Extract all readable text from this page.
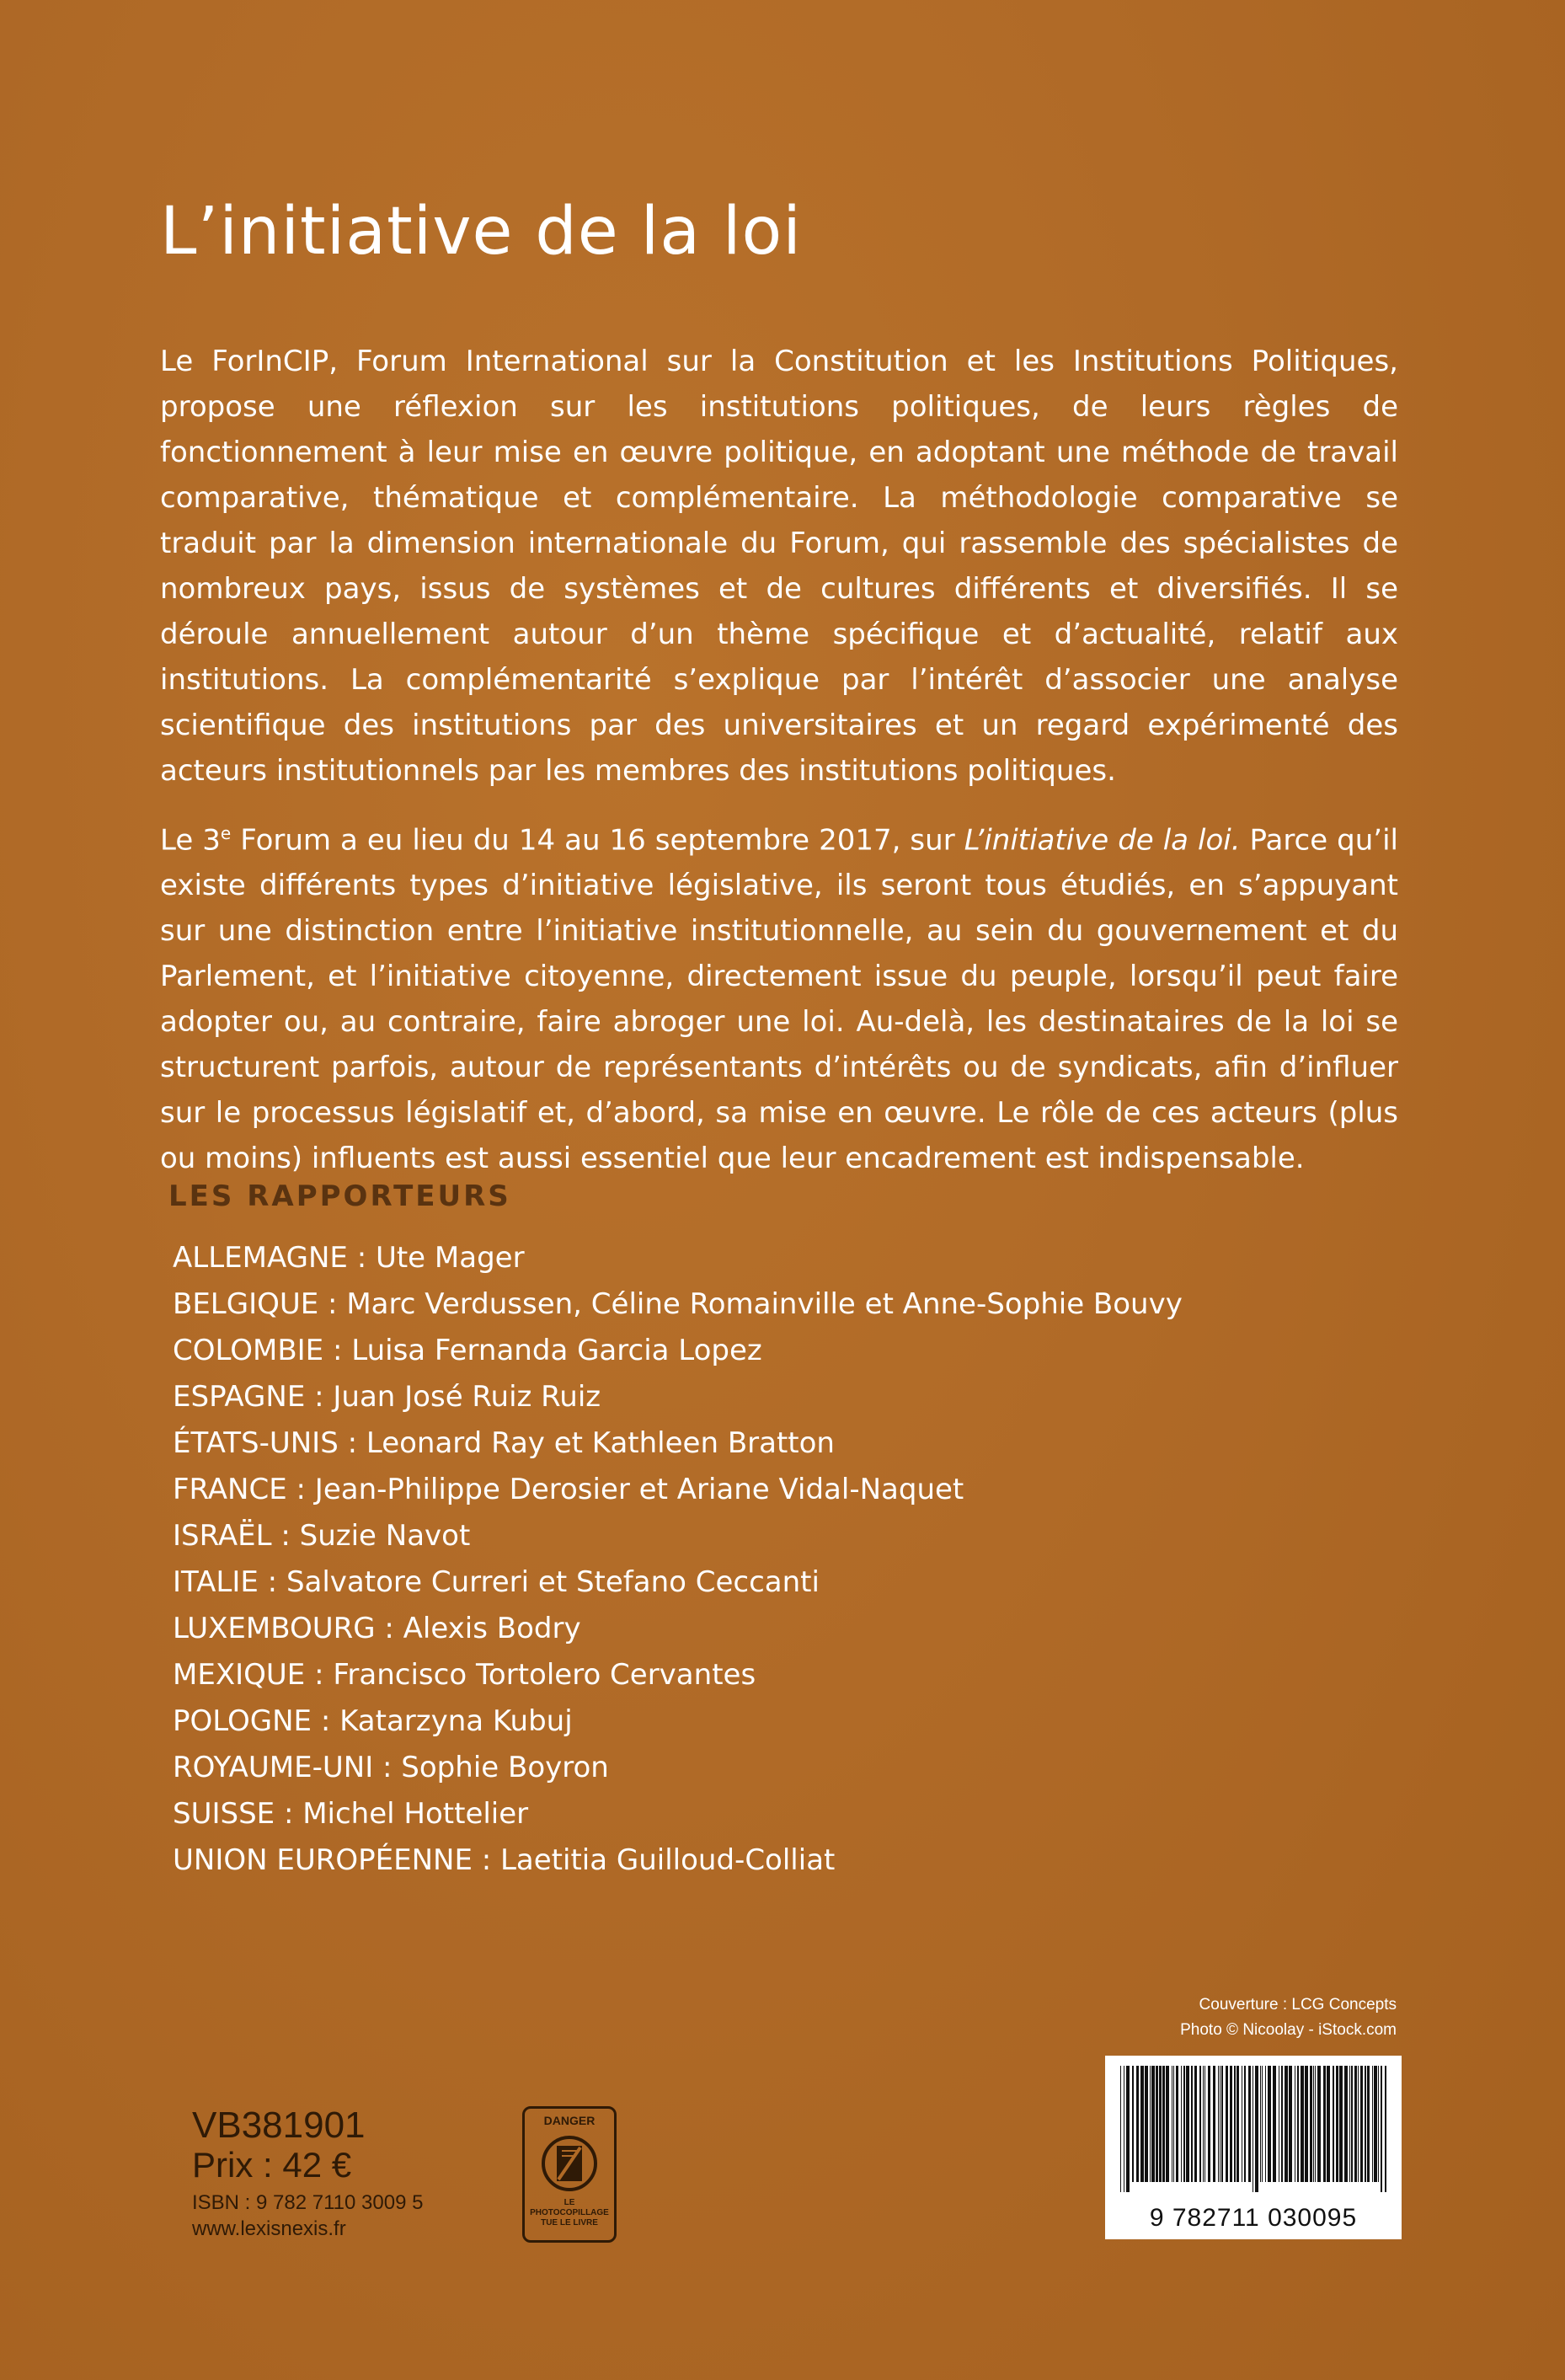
L’initiative de la loi

Le ForInCIP, Forum International sur la Constitution et les Institutions Politiques, propose une réflexion sur les institutions politiques, de leurs règles de fonctionnement à leur mise en œuvre politique, en adoptant une méthode de travail comparative, thématique et complémentaire. La méthodologie comparative se traduit par la dimension internationale du Forum, qui rassemble des spécialistes de nombreux pays, issus de systèmes et de cultures différents et diversifiés. Il se déroule annuellement autour d’un thème spécifique et d’actualité, relatif aux institutions. La complémentarité s’explique par l’intérêt d’associer une analyse scientifique des institutions par des universitaires et un regard expérimenté des acteurs institutionnels par les membres des institutions politiques.

Le 3e Forum a eu lieu du 14 au 16 septembre 2017, sur L’initiative de la loi. Parce qu’il existe différents types d’initiative législative, ils seront tous étudiés, en s’appuyant sur une distinction entre l’initiative institutionnelle, au sein du gouvernement et du Parlement, et l’initiative citoyenne, directement issue du peuple, lorsqu’il peut faire adopter ou, au contraire, faire abroger une loi. Au-delà, les destinataires de la loi se structurent parfois, autour de représentants d’intérêts ou de syndicats, afin d’influer sur le processus législatif et, d’abord, sa mise en œuvre. Le rôle de ces acteurs (plus ou moins) influents est aussi essentiel que leur encadrement est indispensable.

LES RAPPORTEURS
ALLEMAGNE : Ute Mager
BELGIQUE : Marc Verdussen, Céline Romainville et Anne-Sophie Bouvy
COLOMBIE : Luisa Fernanda Garcia Lopez
ESPAGNE : Juan José Ruiz Ruiz
ÉTATS-UNIS : Leonard Ray et Kathleen Bratton
FRANCE : Jean-Philippe Derosier et Ariane Vidal-Naquet
ISRAËL : Suzie Navot
ITALIE : Salvatore Curreri et Stefano Ceccanti
LUXEMBOURG : Alexis Bodry
MEXIQUE : Francisco Tortolero Cervantes
POLOGNE : Katarzyna Kubuj
ROYAUME-UNI : Sophie Boyron
SUISSE : Michel Hottelier
UNION EUROPÉENNE : Laetitia Guilloud-Colliat
Couverture : LCG Concepts
Photo © Nicoolay - iStock.com
9 782711 030095
VB381901
Prix : 42 €
ISBN : 9 782 7110 3009 5
www.lexisnexis.fr
DANGER
LE PHOTOCOPILLAGE
TUE LE LIVRE
